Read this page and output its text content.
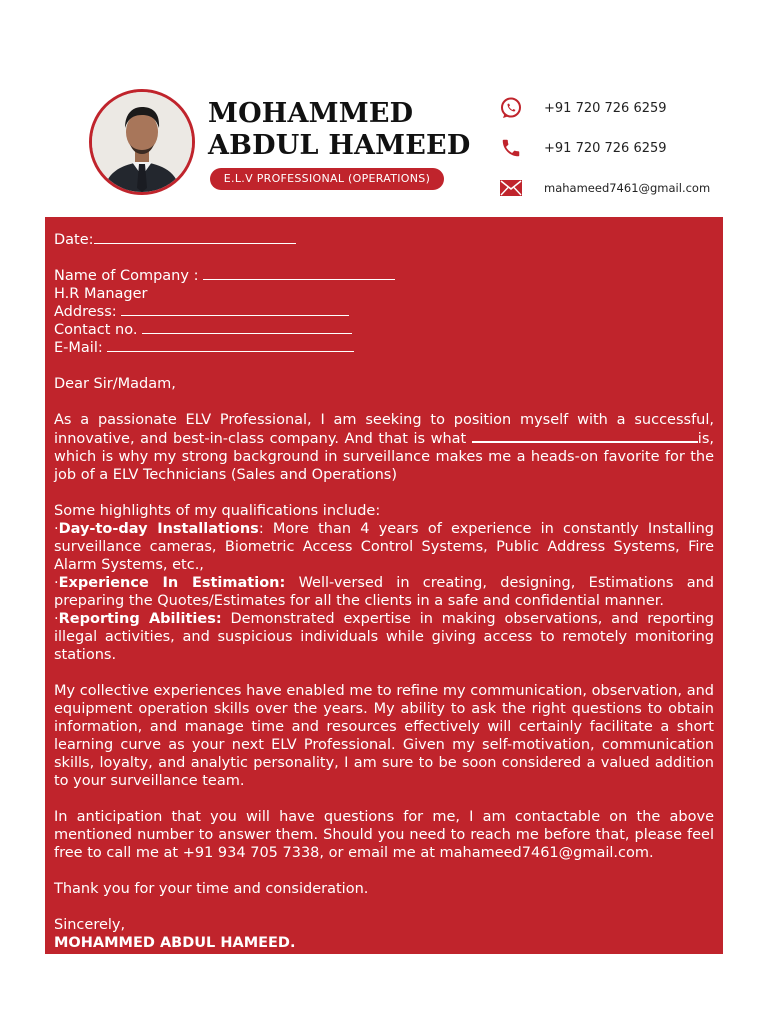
MOHAMMED
ABDUL HAMEED
E.L.V PROFESSIONAL (OPERATIONS)
+91 720 726 6259
+91 720 726 6259
mahameed7461@gmail.com

Date:

Name of Company :

H.R Manager

Address:

Contact no.

E-Mail:

Dear Sir/Madam,

As a passionate ELV Professional, I am seeking to position myself with a successful, innovative, and best-in-class company. And that is what	is, which is why my strong background in surveillance makes me a heads-on favorite for the job of a ELV Technicians (Sales and Operations)

Some highlights of my qualifications include:

·Day-to-day Installations: More than 4 years of experience in constantly Installing surveillance cameras, Biometric Access Control Systems, Public Address Systems, Fire Alarm Systems, etc.,

·Experience In Estimation: Well-versed in creating, designing, Estimations and preparing the Quotes/Estimates for all the clients in a safe and confidential manner.

·Reporting Abilities: Demonstrated expertise in making observations, and reporting illegal activities, and suspicious individuals while giving access to remotely monitoring stations.

My collective experiences have enabled me to refine my communication, observation, and equipment operation skills over the years. My ability to ask the right questions to obtain information, and manage time and resources effectively will certainly facilitate a short learning curve as your next ELV Professional. Given my self-motivation, communication skills, loyalty, and analytic personality, I am sure to be soon considered a valued addition to your surveillance team.

In anticipation that you will have questions for me, I am contactable on the above mentioned number to answer them. Should you need to reach me before that, please feel free to call me at +91 934 705 7338, or email me at mahameed7461@gmail.com.

Thank you for your time and consideration.

Sincerely,

MOHAMMED ABDUL HAMEED.
